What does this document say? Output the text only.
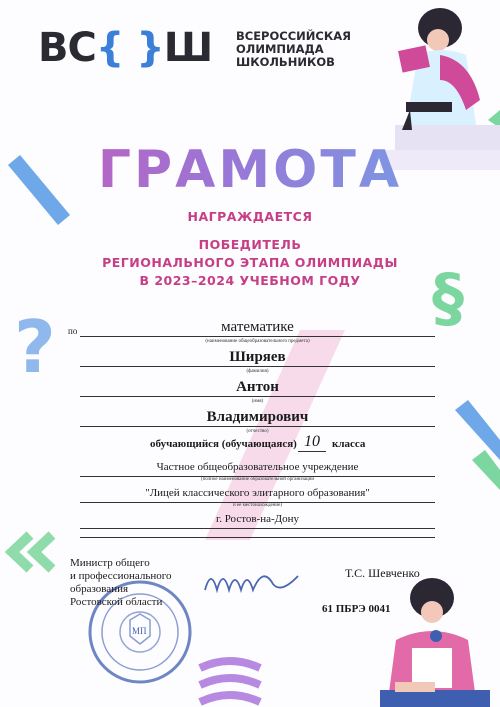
?
§
ВС{ }Ш ВСЕРОССИЙСКАЯ
ОЛИМПИАДА
ШКОЛЬНИКОВ
ГРАМОТА
НАГРАЖДАЕТСЯ
ПОБЕДИТЕЛЬ
РЕГИОНАЛЬНОГО ЭТАПА ОЛИМПИАДЫ
В 2023–2024 УЧЕБНОМ ГОДУ
по	математике
(наименование общеобразовательного предмета)
Ширяев
(фамилия)
Антон
(имя)
Владимирович
(отчество)
обучающийся (обучающаяся) 10	класса
Частное общеобразовательное учреждение
(полное наименование образовательной организации
"Лицей классического элитарного образования"
и ее местонахождение)
г. Ростов-на-Дону
Министр общего
и профессионального
образования
Ростовской области
МП
Т.С. Шевченко
61 ПБРЭ 0041
